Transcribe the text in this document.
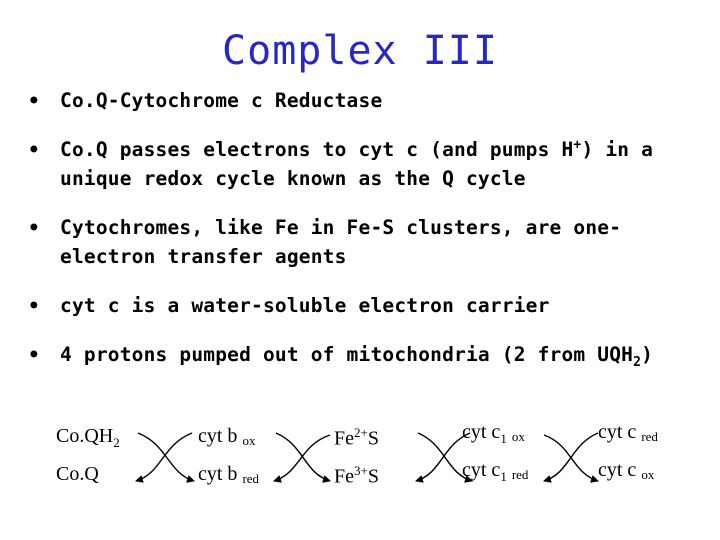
Complex III
• Co.Q-Cytochrome c Reductase
• Co.Q passes electrons to cyt c (and pumps H+) in a unique redox cycle known as the Q cycle
• Cytochromes, like Fe in Fe-S clusters, are one-electron transfer agents
• cyt c is a water-soluble electron carrier
• 4 protons pumped out of mitochondria (2 from $UQH_2$)
$Co.QH_2$
Co.Q
cyt b ox
cyt b red
$Fe^{2+}S$
$Fe^{3+}S$
cyt $c_1$ ox
cyt $c_1$ red
cyt c red
cyt c ox
